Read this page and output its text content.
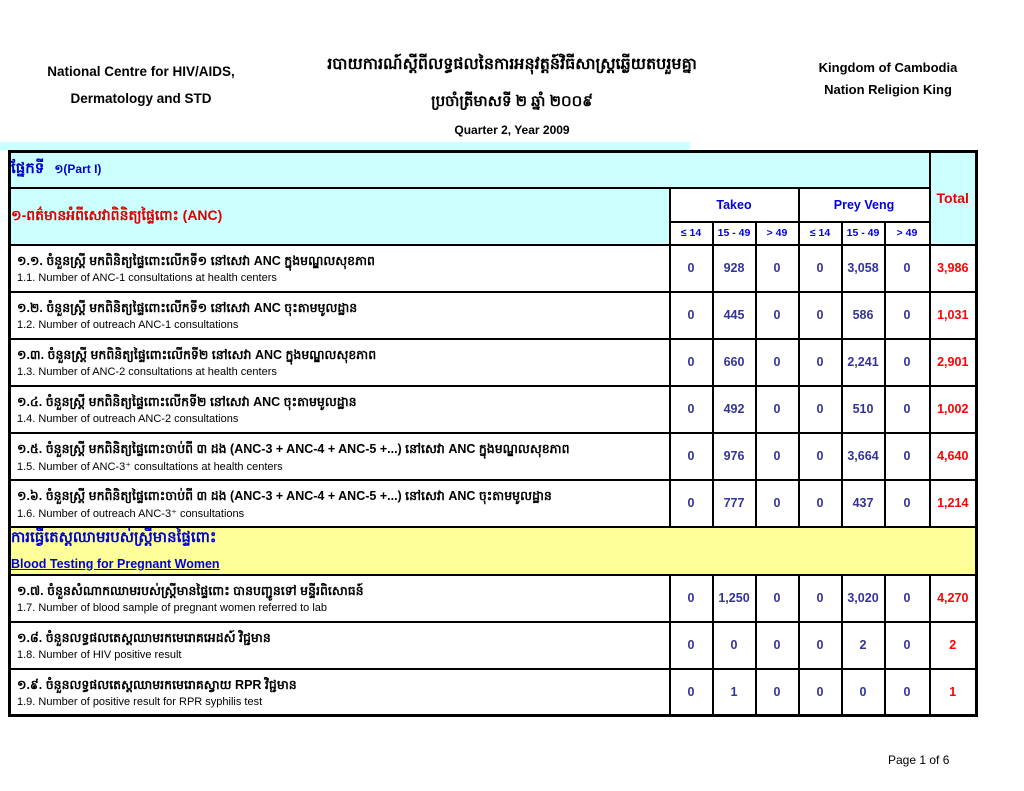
National Centre for HIV/AIDS,
Dermatology and STD
របាយការណ៍ស្តីពីលទ្ធផលនៃការអនុវត្តន៍វិធីសាស្ត្រឆ្លើយតបរួមគ្នា
ប្រចាំត្រីមាសទី ២ ឆ្នាំ ២០០៩
Quarter 2, Year 2009
Kingdom of Cambodia
Nation Religion King
ផ្នែកទី ១(Part I)							Total
១-ពត៌មានអំពីសេវាពិនិត្យផ្ទៃពោះ (ANC)	Takeo			Prey Veng			
	≤ 14	15 - 49	> 49	≤ 14	15 - 49	> 49	

១.១. ចំនួនស្ត្រី មកពិនិត្យផ្ទៃពោះលើកទី១ នៅសេវា ANC ក្នុងមណ្ឌលសុខភាព
1.1. Number of ANC-1 consultations at health centers	0	928	0	0	3,058	0	3,986

១.២. ចំនួនស្ត្រី មកពិនិត្យផ្ទៃពោះលើកទី១ នៅសេវា ANC ចុះតាមមូលដ្ឋាន
1.2. Number of outreach ANC-1 consultations	0	445	0	0	586	0	1,031

១.៣. ចំនួនស្ត្រី មកពិនិត្យផ្ទៃពោះលើកទី២ នៅសេវា ANC ក្នុងមណ្ឌលសុខភាព
1.3. Number of ANC-2 consultations at health centers	0	660	0	0	2,241	0	2,901

១.៤. ចំនួនស្ត្រី មកពិនិត្យផ្ទៃពោះលើកទី២ នៅសេវា ANC ចុះតាមមូលដ្ឋាន
1.4. Number of outreach ANC-2 consultations	0	492	0	0	510	0	1,002

១.៥. ចំនួនស្ត្រី មកពិនិត្យផ្ទៃពោះចាប់ពី ៣ ដង (ANC-3 + ANC-4 + ANC-5 +...) នៅសេវា ANC ក្នុងមណ្ឌលសុខភាព
1.5. Number of ANC-3⁺ consultations at health centers	0	976	0	0	3,664	0	4,640

១.៦. ចំនួនស្ត្រី មកពិនិត្យផ្ទៃពោះចាប់ពី ៣ ដង (ANC-3 + ANC-4 + ANC-5 +...) នៅសេវា ANC ចុះតាមមូលដ្ឋាន
1.6. Number of outreach ANC-3⁺ consultations	0	777	0	0	437	0	1,214

ការធ្វើតេស្តឈាមរបស់ស្ត្រីមានផ្ទៃពោះ
Blood Testing for Pregnant Women							

១.៧. ចំនួនសំណាកឈាមរបស់ស្ត្រីមានផ្ទៃពោះ បានបញ្ជូនទៅ មន្ទីរពិសោធន៍
1.7. Number of blood sample of pregnant women referred to lab	0	1,250	0	0	3,020	0	4,270

១.៨. ចំនួនលទ្ធផលតេស្តឈាមរកមេរោគអេដស៍ វិជ្ជមាន
1.8. Number of HIV positive result	0	0	0	0	2	0	2

១.៩. ចំនួនលទ្ធផលតេស្តឈាមរកមេរោគស្វាយ RPR វិជ្ជមាន
1.9. Number of positive result for RPR syphilis test	0	1	0	0	0	0	1
Page 1 of 6
